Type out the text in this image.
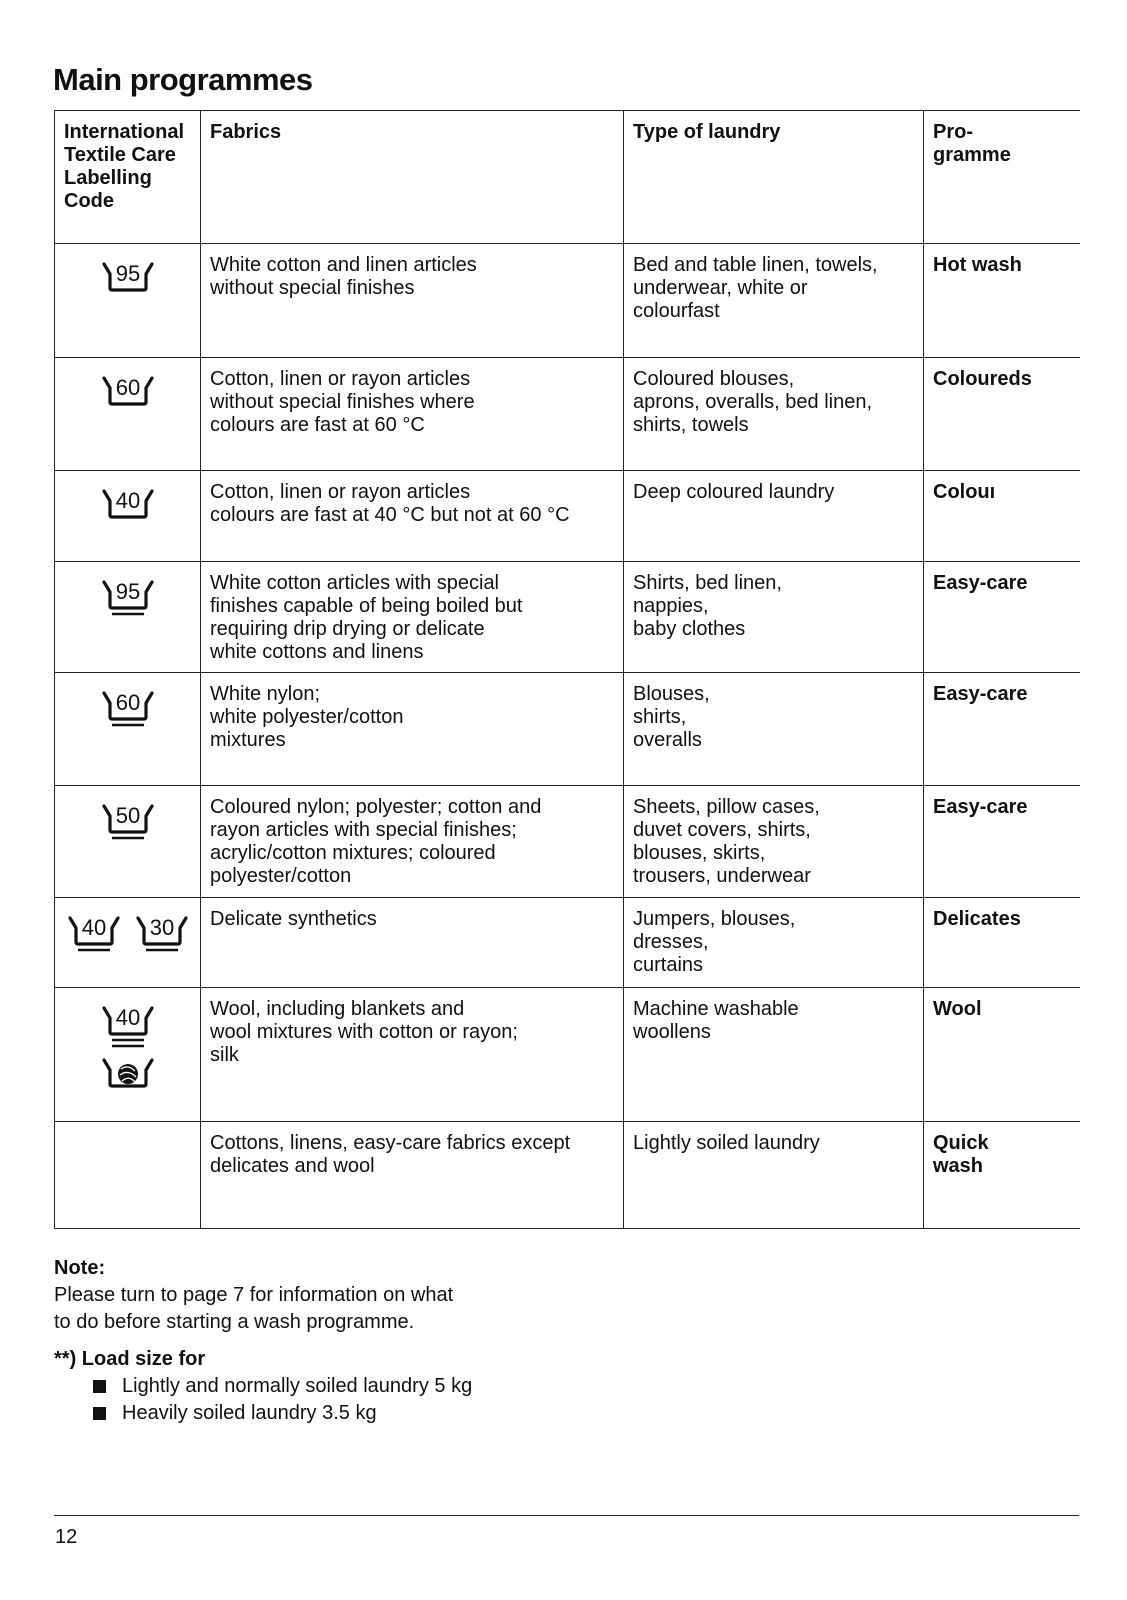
Main programmes
International
Textile Care
Labelling
Code	Fabrics	Type of laundry	Pro-
gramme

95	White cotton and linen articles
without special finishes	Bed and table linen, towels,
underwear, white or
colourfast	Hot wash

60	Cotton, linen or rayon articles
without special finishes where
colours are fast at 60 °C	Coloured blouses,
aprons, overalls, bed linen,
shirts, towels	Coloureds

40	Cotton, linen or rayon articles
colours are fast at 40 °C but not at 60 °C	Deep coloured laundry	Colouı

95	White cotton articles with special
finishes capable of being boiled but
requiring drip drying or delicate
white cottons and linens	Shirts, bed linen,
nappies,
baby clothes	Easy-care

60	White nylon;
white polyester/cotton
mixtures	Blouses,
shirts,
overalls	Easy-care

50	Coloured nylon; polyester; cotton and
rayon articles with special finishes;
acrylic/cotton mixtures; coloured
polyester/cotton	Sheets, pillow cases,
duvet covers, shirts,
blouses, skirts,
trousers, underwear	Easy-care

40 30	Delicate synthetics	Jumpers, blouses,
dresses,
curtains	Delicates

40	Wool, including blankets and
wool mixtures with cotton or rayon;
silk	Machine washable
woollens	Wool

	Cottons, linens, easy-care fabrics except
delicates and wool	Lightly soiled laundry	Quick
wash
Note:
Please turn to page 7 for information on what
to do before starting a wash programme.
**) Load size for
Lightly and normally soiled laundry 5 kg
Heavily soiled laundry 3.5 kg
12
